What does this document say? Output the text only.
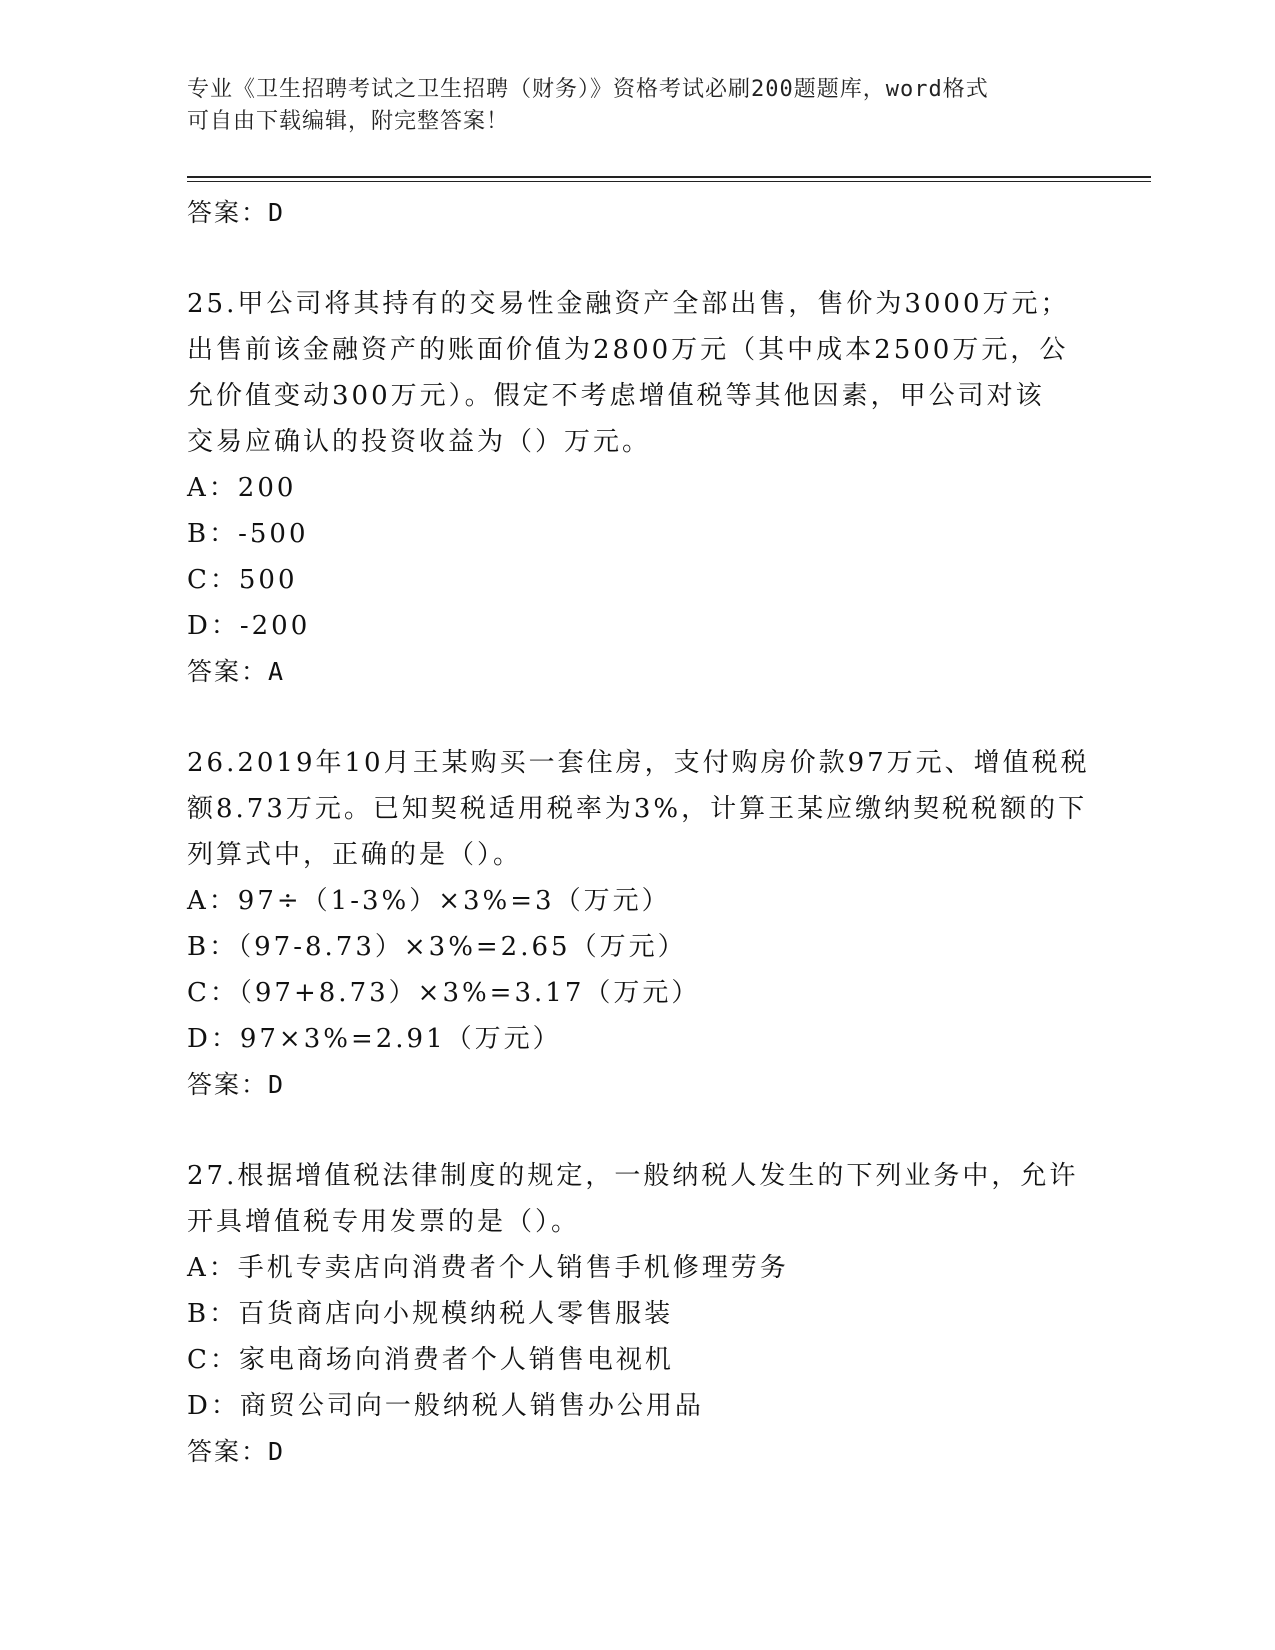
专业《卫生招聘考试之卫生招聘（财务）》资格考试必刷200题题库，word格式
可自由下载编辑，附完整答案！
答案：D
25.甲公司将其持有的交易性金融资产全部出售，售价为3000万元；
出售前该金融资产的账面价值为2800万元（其中成本2500万元，公
允价值变动300万元）。假定不考虑增值税等其他因素，甲公司对该
交易应确认的投资收益为（）万元。
A：200
B：-500
C：500
D：-200
答案：A
26.2019年10月王某购买一套住房，支付购房价款97万元、增值税税
额8.73万元。已知契税适用税率为3%，计算王某应缴纳契税税额的下
列算式中，正确的是（）。
A：97÷（1-3%）×3%=3（万元）
B：（97-8.73）×3%=2.65（万元）
C：（97+8.73）×3%=3.17（万元）
D：97×3%=2.91（万元）
答案：D
27.根据增值税法律制度的规定，一般纳税人发生的下列业务中，允许
开具增值税专用发票的是（）。
A：手机专卖店向消费者个人销售手机修理劳务
B：百货商店向小规模纳税人零售服装
C：家电商场向消费者个人销售电视机
D：商贸公司向一般纳税人销售办公用品
答案：D
